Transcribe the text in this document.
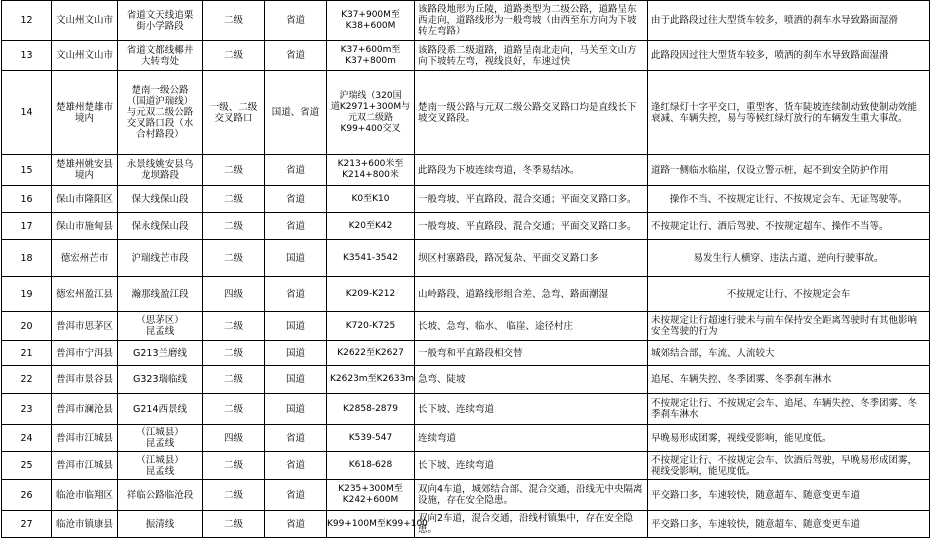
12	文山州文山市	省道文天线追栗
街小学路段	二级	省道	K37+900M至
K38+600M	该路段地形为丘陵，道路类型为二级公路，道路呈东西走向，道路线形为一般弯坡（由西至东方向为下坡转左弯路）	由于此路段过往大型货车较多，喷洒的刹车水导致路面湿滑
13	文山州文山市	省道文都线椰井
大转弯处	二级	省道	K37+600m至
K37+800m	该路段系二级道路，道路呈南北走向，马关至文山方向下坡转左弯，视线良好，车速过快	此路段因过往大型货车较多，喷洒的刹车水导致路面湿滑
14	楚雄州楚雄市
境内	楚南一级公路
（国道沪瑞线）
与元双二级公路
交叉路口段（水
合村路段）	一级、二级
交叉路口	国道、省道	沪瑞线（320国
道K2971+300M与
元双二级路
K99+400交叉	楚南一级公路与元双二级公路交叉路口均是直线长下坡交叉路段。	逢红绿灯十字平交口，重型客、货车陡坡连续制动致使制动效能衰减、车辆失控，易与等候红绿灯放行的车辆发生重大事故。
15	楚雄州姚安县
境内	永景线姚安县乌
龙坝路段	二级	省道	K213+600米至
K214+800米	此路段为下坡连续弯道，冬季易结冰。	道路一侧临水临崖，仅设立警示桩，起不到安全防护作用
16	保山市隆阳区	保大线保山段	二级	省道	K0至K10	一般弯坡、平直路段、混合交通；平面交叉路口多。	操作不当、不按规定让行、不按规定会车、无证驾驶等。
17	保山市施甸县	保永线保山段	二级	省道	K20至K42	一般弯坡、平直路段、混合交通；平面交叉路口多。	不按规定让行、酒后驾驶、不按规定超车、操作不当等。
18	德宏州芒市	沪瑞线芒市段	二级	国道	K3541-3542	坝区村寨路段，路况复杂、平面交叉路口多	易发生行人横穿、违法占道、逆向行驶事故。
19	德宏州盈江县	瀚那线盈江段	四级	省道	K209-K212	山岭路段、道路线形组合差、急弯、路面潮湿	不按规定让行、不按规定会车
20	普洱市思茅区	（思茅区）
昆孟线	二级	国道	K720-K725	长坡、急弯、临水、 临崖、途径村庄	未按规定让行超速行驶未与前车保持安全距离驾驶时有其他影响安全驾驶的行为
21	普洱市宁洱县	G213兰磨线	二级	国道	K2622至K2627	一般弯和平直路段相交替	城郊结合部，车流、人流较大
22	普洱市景谷县	G323瑞临线	二级	国道	K2623m至K2633m	急弯、陡坡	追尾、车辆失控、冬季团雾、冬季刹车淋水
23	普洱市澜沧县	G214西景线	二级	国道	K2858-2879	长下坡、连续弯道	不按规定让行、不按规定会车、追尾、车辆失控、冬季团雾、冬季刹车淋水
24	普洱市江城县	（江城县）
昆孟线	四级	省道	K539-547	连续弯道	早晚易形成团雾，视线受影响，能见度低。
25	普洱市江城县	（江城县）
昆孟线	二级	省道	K618-628	长下坡、连续弯道	不按规定让行、不按规定会车、饮酒后驾驶，早晚易形成团雾，视线受影响，能见度低。
26	临沧市临翔区	祥临公路临沧段	二级	省道	K235+300M至
K242+600M	双向4车道，城郊结合部、混合交通，沿线无中央隔离设施，存在安全隐患。	平交路口多，车速较快，随意超车、随意变更车道
27	临沧市镇康县	振清线	二级	省道	K99+100M至K99+100	双向2车道，混合交通，沿线村镇集中，存在安全隐患。	平交路口多，车速较快，随意超车、随意变更车道
